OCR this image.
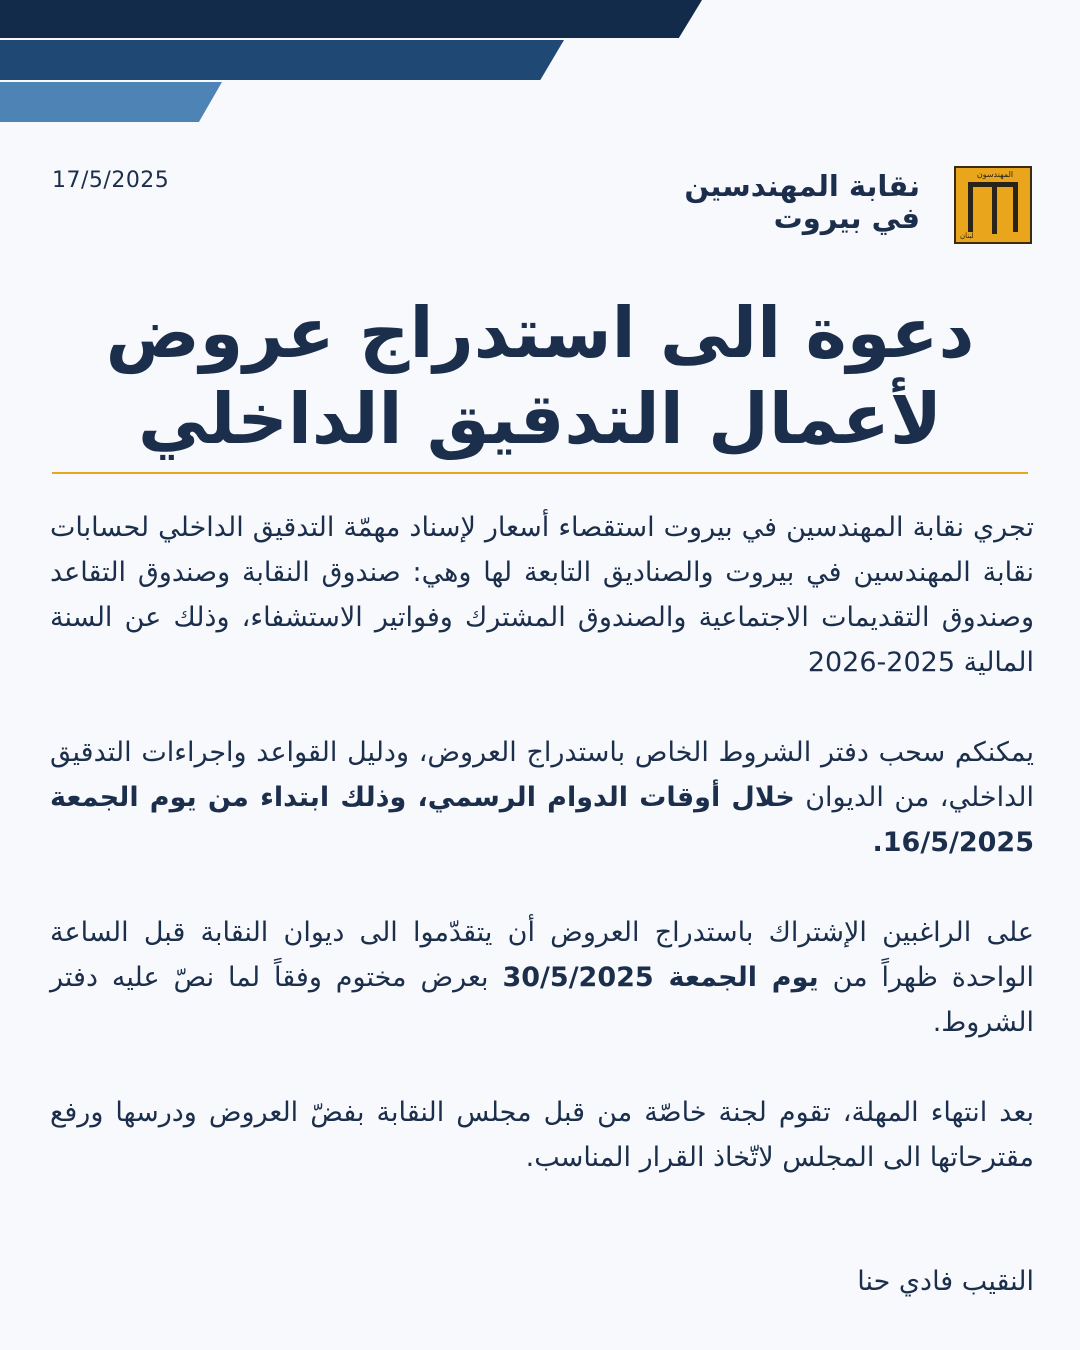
17/5/2025	نقابة المهندسين
في بيروت
المهندسون
لبنان
دعوة الى استدراج عروض
لأعمال التدقيق الداخلي

تجري نقابة المهندسين في بيروت استقصاء أسعار لإسناد مهمّة التدقيق الداخلي لحسابات نقابة المهندسين في بيروت والصناديق التابعة لها وهي: صندوق النقابة وصندوق التقاعد وصندوق التقديمات الاجتماعية والصندوق المشترك وفواتير الاستشفاء، وذلك عن السنة المالية 2025-2026

يمكنكم سحب دفتر الشروط الخاص باستدراج العروض، ودليل القواعد واجراءات التدقيق الداخلي، من الديوان خلال أوقات الدوام الرسمي، وذلك ابتداء من يوم الجمعة 16/5/2025.

على الراغبين الإشتراك باستدراج العروض أن يتقدّموا الى ديوان النقابة قبل الساعة الواحدة ظهراً من يوم الجمعة 30/5/2025 بعرض مختوم وفقاً لما نصّ عليه دفتر الشروط.

بعد انتهاء المهلة، تقوم لجنة خاصّة من قبل مجلس النقابة بفضّ العروض ودرسها ورفع مقترحاتها الى المجلس لاتّخاذ القرار المناسب.

النقيب فادي حنا
